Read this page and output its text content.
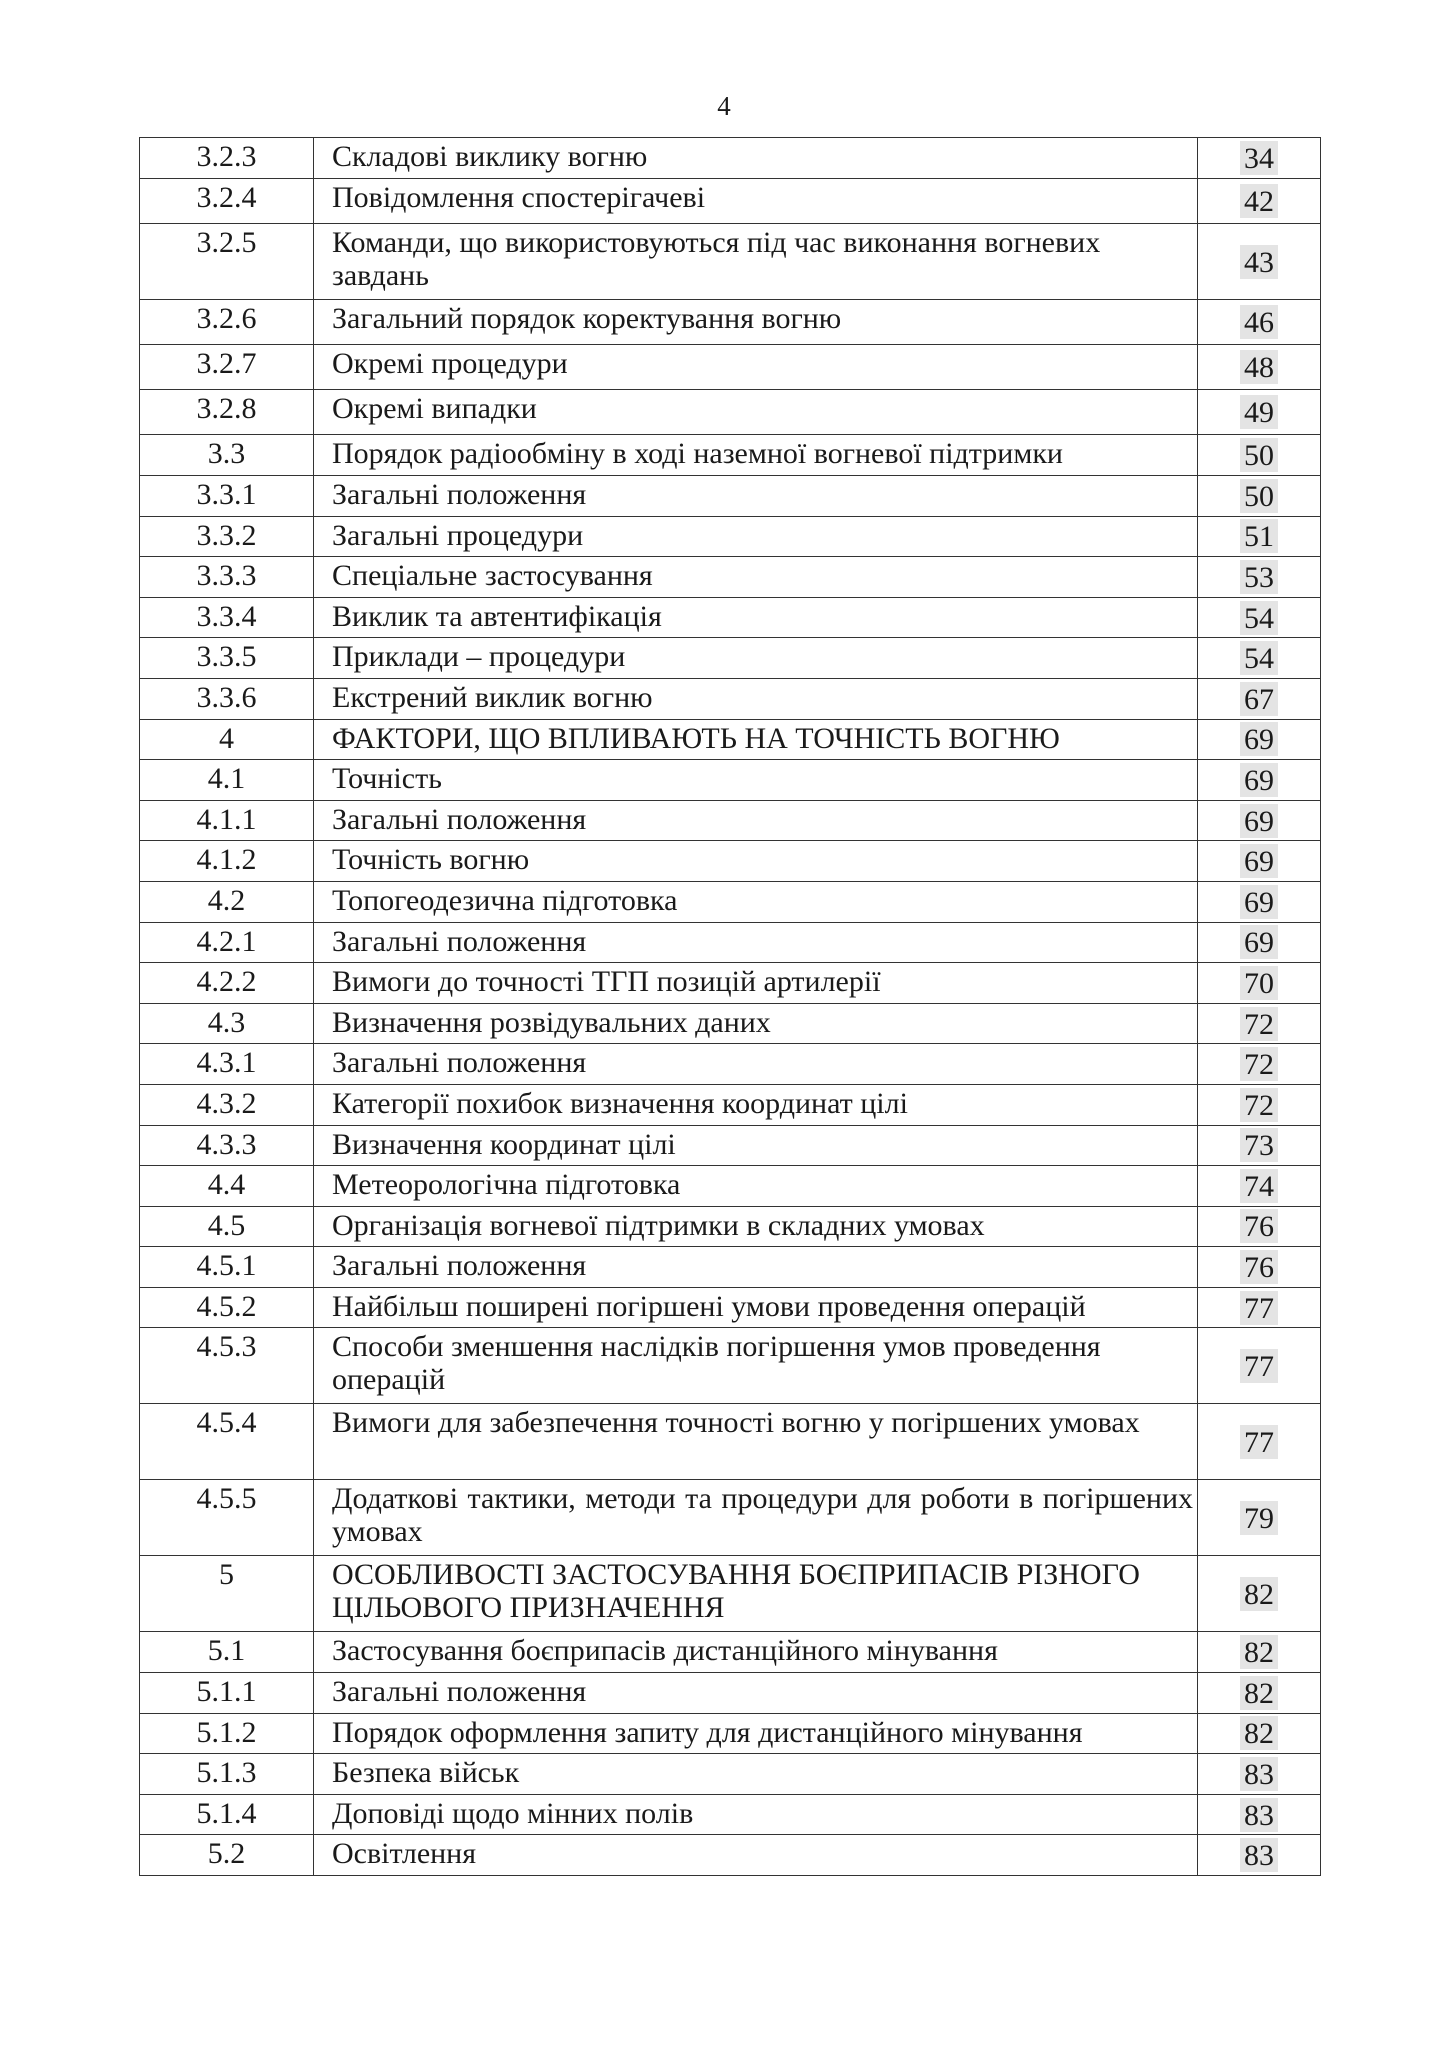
4
3.2.3	Складові виклику вогню	34
3.2.4	Повідомлення спостерігачеві	42
3.2.5	Команди, що використовуються під час виконання вогневих завдань	43
3.2.6	Загальний порядок коректування вогню	46
3.2.7	Окремі процедури	48
3.2.8	Окремі випадки	49
3.3	Порядок радіообміну в ході наземної вогневої підтримки	50
3.3.1	Загальні положення	50
3.3.2	Загальні процедури	51
3.3.3	Спеціальне застосування	53
3.3.4	Виклик та автентифікація	54
3.3.5	Приклади – процедури	54
3.3.6	Екстрений виклик вогню	67
4	ФАКТОРИ, ЩО ВПЛИВАЮТЬ НА ТОЧНІСТЬ ВОГНЮ	69
4.1	Точність	69
4.1.1	Загальні положення	69
4.1.2	Точність вогню	69
4.2	Топогеодезична підготовка	69
4.2.1	Загальні положення	69
4.2.2	Вимоги до точності ТГП позицій артилерії	70
4.3	Визначення розвідувальних даних	72
4.3.1	Загальні положення	72
4.3.2	Категорії похибок визначення координат цілі	72
4.3.3	Визначення координат цілі	73
4.4	Метеорологічна підготовка	74
4.5	Організація вогневої підтримки в складних умовах	76
4.5.1	Загальні положення	76
4.5.2	Найбільш поширені погіршені умови проведення операцій	77
4.5.3	Способи зменшення наслідків погіршення умов проведення операцій	77
4.5.4	Вимоги для забезпечення точності вогню у погіршених умовах	77
4.5.5	Додаткові тактики, методи та процедури для роботи в погіршених умовах	79
5	ОСОБЛИВОСТІ ЗАСТОСУВАННЯ БОЄПРИПАСІВ РІЗНОГО ЦІЛЬОВОГО ПРИЗНАЧЕННЯ	82
5.1	Застосування боєприпасів дистанційного мінування	82
5.1.1	Загальні положення	82
5.1.2	Порядок оформлення запиту для дистанційного мінування	82
5.1.3	Безпека військ	83
5.1.4	Доповіді щодо мінних полів	83
5.2	Освітлення	83
